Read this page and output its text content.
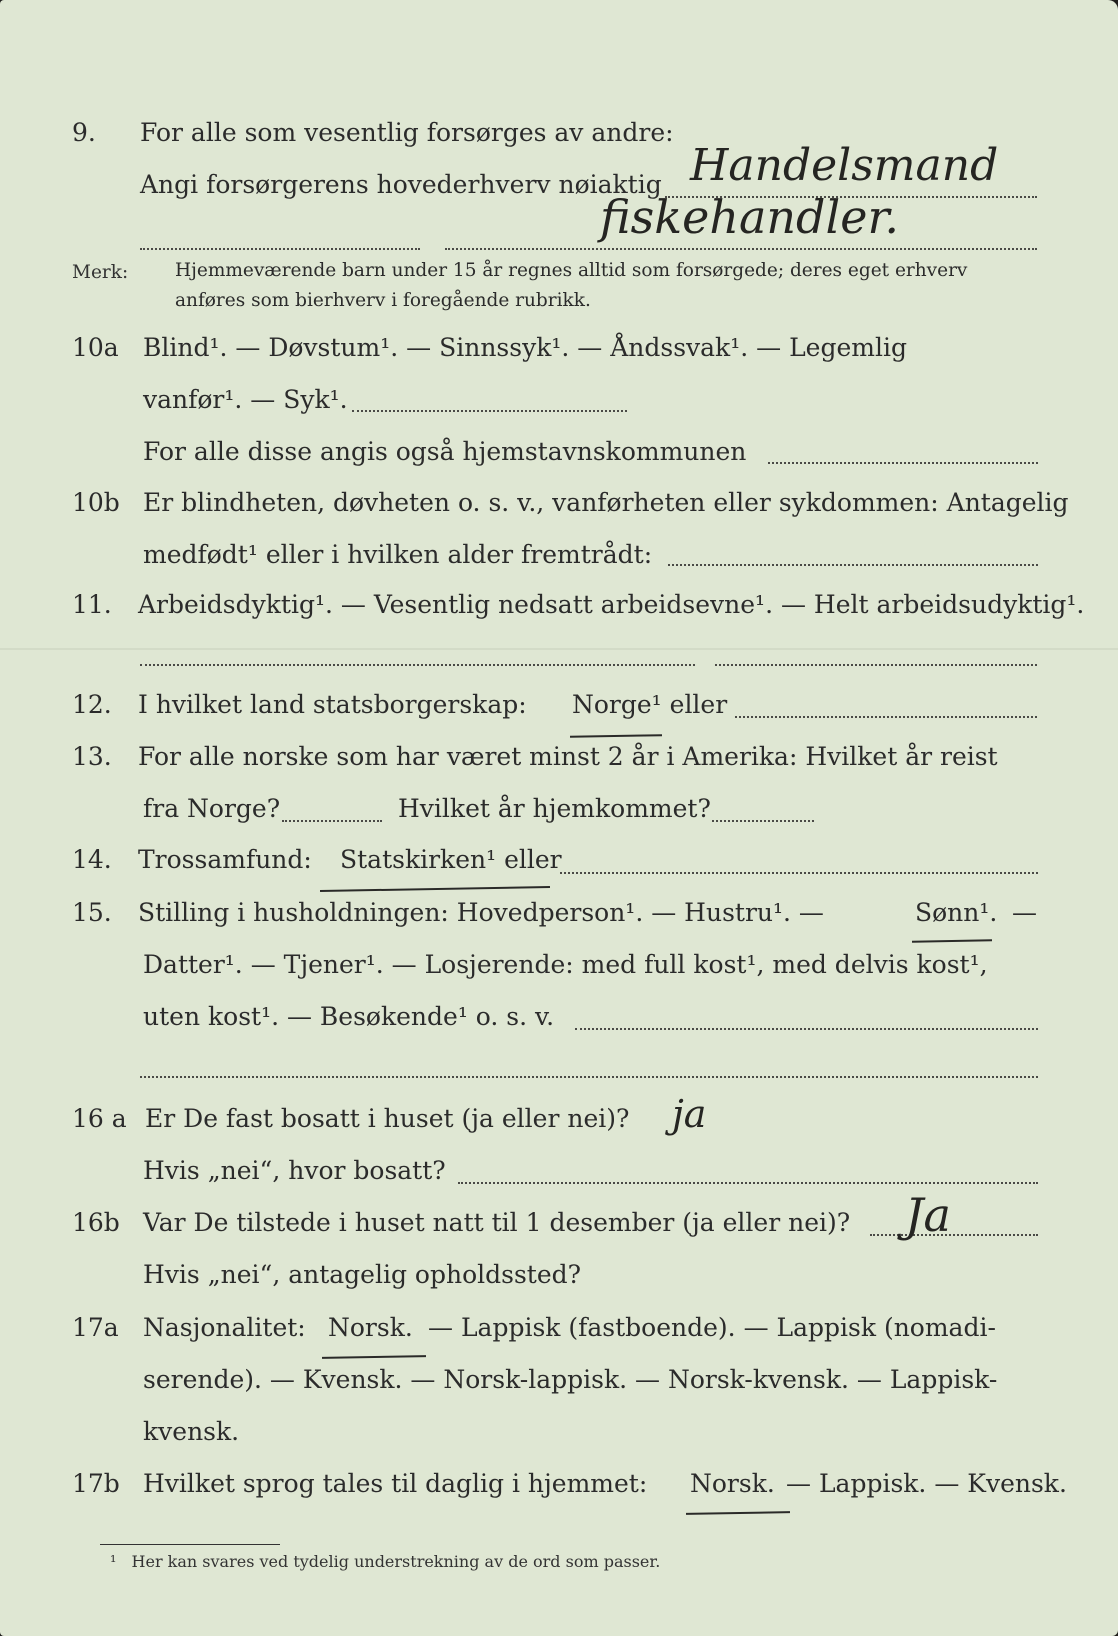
9. For alle som vesentlig forsørges av andre:
Angi forsørgerens hovederhverv nøiaktig Handelsmand
fiskehandler.
Merk:	Hjemmeværende barn under 15 år regnes alltid som forsørgede; deres eget erhverv
anføres som bierhverv i foregående rubrikk.
10a Blind¹. — Døvstum¹. — Sinnssyk¹. — Åndssvak¹. — Legemlig
vanfør¹. — Syk¹.
For alle disse angis også hjemstavnskommunen
10b Er blindheten, døvheten o. s. v., vanførheten eller sykdommen: Antagelig
medfødt¹ eller i hvilken alder fremtrådt:
11. Arbeidsdyktig¹. — Vesentlig nedsatt arbeidsevne¹. — Helt arbeidsudyktig¹.
12. I hvilket land statsborgerskap: Norge¹ eller
13. For alle norske som har været minst 2 år i Amerika: Hvilket år reist
fra Norge?	Hvilket år hjemkommet?
14. Trossamfund: Statskirken¹ eller
15. Stilling i husholdningen: Hovedperson¹. — Hustru¹. —	Sønn¹. —
Datter¹. — Tjener¹. — Losjerende: med full kost¹, med delvis kost¹,
uten kost¹. — Besøkende¹ o. s. v.
16 a Er De fast bosatt i huset (ja eller nei)? ja
Hvis „nei“, hvor bosatt?
16b Var De tilstede i huset natt til 1 desember (ja eller nei)? Ja
Hvis „nei“, antagelig opholdssted?
17a Nasjonalitet: Norsk. — Lappisk (fastboende). — Lappisk (nomadi-
serende). — Kvensk. — Norsk-lappisk. — Norsk-kvensk. — Lappisk-
kvensk.
17b Hvilket sprog tales til daglig i hjemmet: Norsk. — Lappisk. — Kvensk.
¹ Her kan svares ved tydelig understrekning av de ord som passer.
